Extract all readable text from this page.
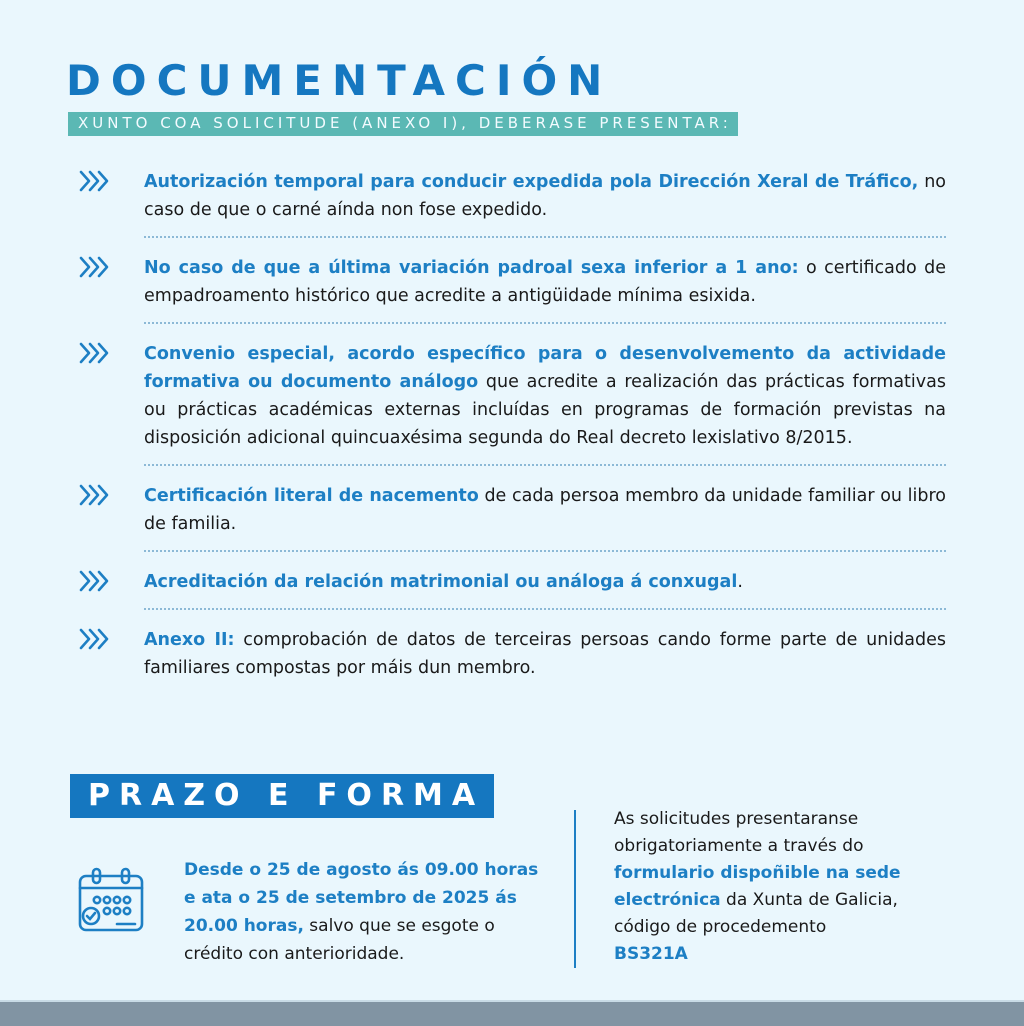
DOCUMENTACIÓN
XUNTO COA SOLICITUDE (ANEXO I), DEBERASE PRESENTAR:

Autorización temporal para conducir expedida pola Dirección Xeral de Tráfico, no caso de que o carné aínda non fose expedido.

No caso de que a última variación padroal sexa inferior a 1 ano: o certificado de empadroamento histórico que acredite a antigüidade mínima esixida.

Convenio especial, acordo específico para o desenvolvemento da actividade formativa ou documento análogo que acredite a realización das prácticas formativas ou prácticas académicas externas incluídas en programas de formación previstas na disposición adicional quincuaxésima segunda do Real decreto lexislativo 8/2015.

Certificación literal de nacemento de cada persoa membro da unidade familiar ou libro de familia.

Acreditación da relación matrimonial ou análoga á conxugal.

Anexo II: comprobación de datos de terceiras persoas cando forme parte de unidades familiares compostas por máis dun membro.

PRAZO E FORMA
Desde o 25 de agosto ás 09.00 horas e ata o 25 de setembro de 2025 ás 20.00 horas, salvo que se esgote o crédito con anterioridade.
As solicitudes presentaranse obrigatoriamente a través do formulario dispoñible na sede electrónica da Xunta de Galicia, código de procedemento
BS321A
